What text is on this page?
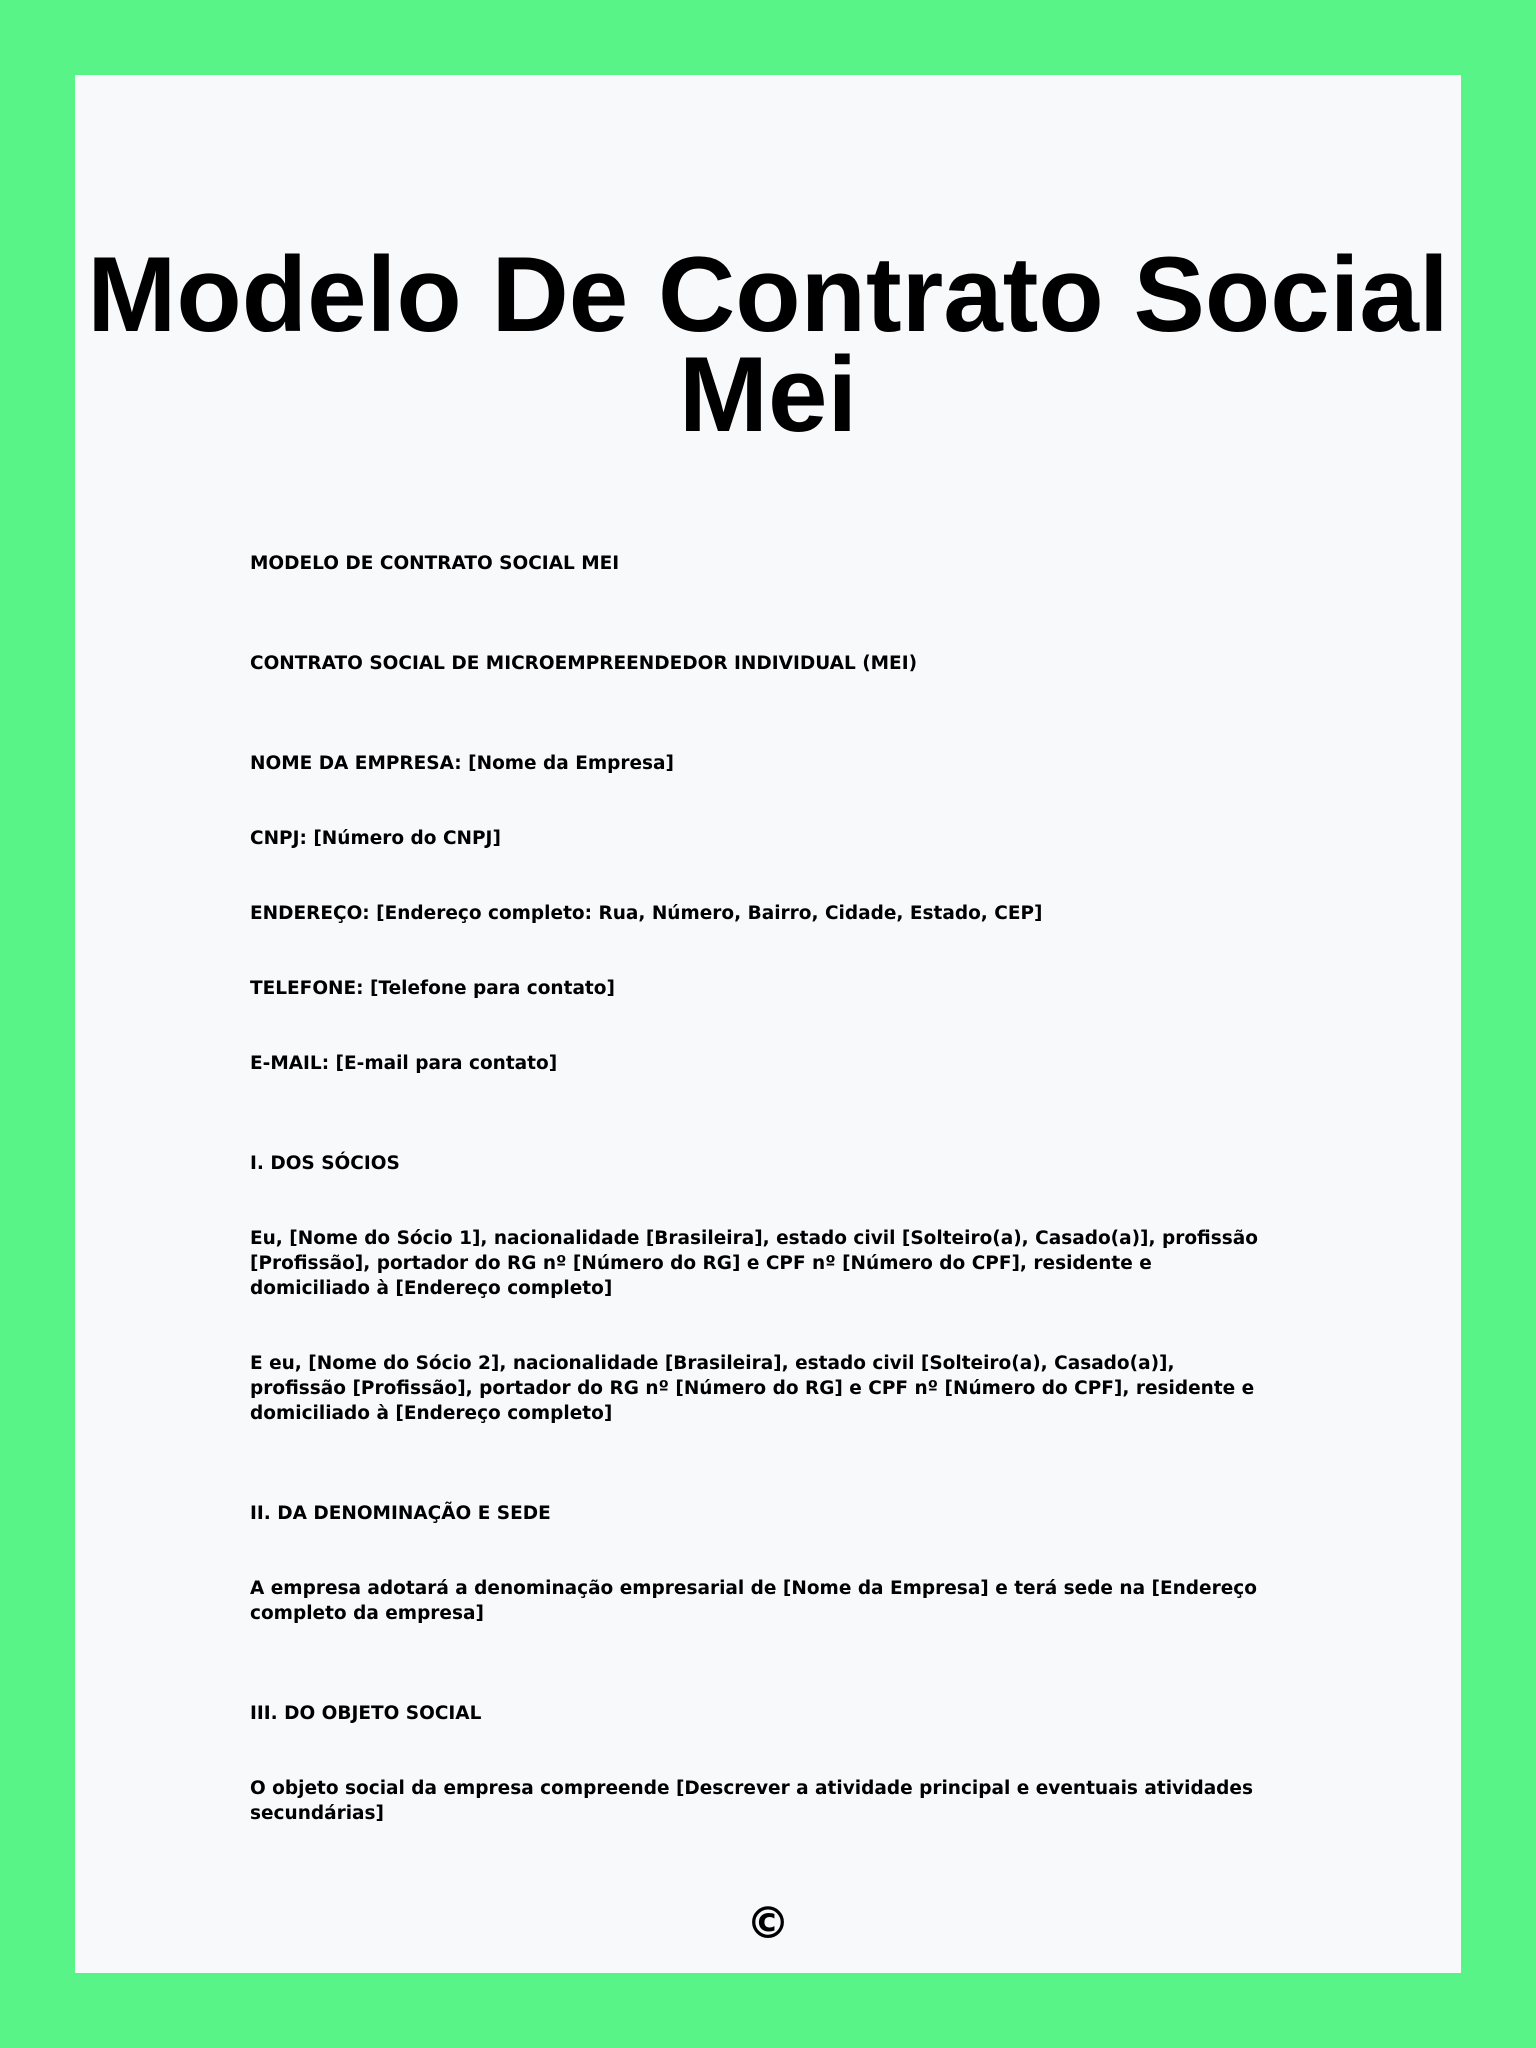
Modelo De Contrato Social Mei

MODELO DE CONTRATO SOCIAL MEI

CONTRATO SOCIAL DE MICROEMPREENDEDOR INDIVIDUAL (MEI)

NOME DA EMPRESA: [Nome da Empresa]

CNPJ: [Número do CNPJ]

ENDEREÇO: [Endereço completo: Rua, Número, Bairro, Cidade, Estado, CEP]

TELEFONE: [Telefone para contato]

E-MAIL: [E-mail para contato]

I. DOS SÓCIOS

Eu, [Nome do Sócio 1], nacionalidade [Brasileira], estado civil [Solteiro(a), Casado(a)], profissão [Profissão], portador do RG nº [Número do RG] e CPF nº [Número do CPF], residente e domiciliado à [Endereço completo]

E eu, [Nome do Sócio 2], nacionalidade [Brasileira], estado civil [Solteiro(a), Casado(a)], profissão [Profissão], portador do RG nº [Número do RG] e CPF nº [Número do CPF], residente e domiciliado à [Endereço completo]

II. DA DENOMINAÇÃO E SEDE

A empresa adotará a denominação empresarial de [Nome da Empresa] e terá sede na [Endereço completo da empresa]

III. DO OBJETO SOCIAL

O objeto social da empresa compreende [Descrever a atividade principal e eventuais atividades secundárias]

©
